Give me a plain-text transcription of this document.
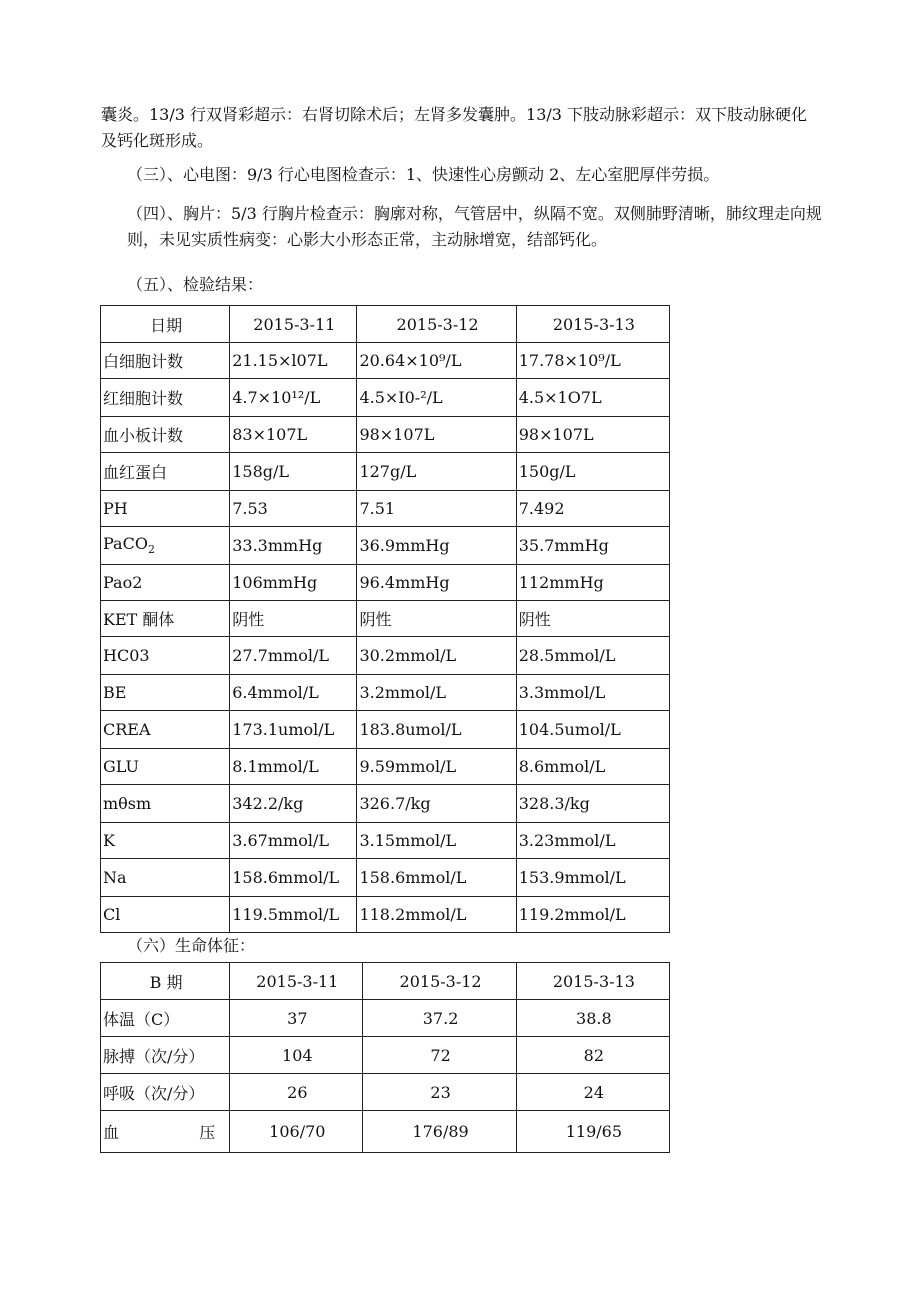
囊炎。13/3 行双肾彩超示：右肾切除术后；左肾多发囊肿。13/3 下肢动脉彩超示：双下肢动脉硬化及钙化斑形成。

（三）、心电图：9/3 行心电图检查示：1、快速性心房颤动 2、左心室肥厚伴劳损。

（四）、胸片：5/3 行胸片检查示：胸廓对称，气管居中，纵隔不宽。双侧肺野清晰，肺纹理走向规则，未见实质性病变：心影大小形态正常，主动脉增宽，结部钙化。

（五）、检验结果：

日期	2015-3-11	2015-3-12	2015-3-13
白细胞计数	21.15×l07L	20.64×10⁹/L	17.78×10⁹/L
红细胞计数	4.7×10¹²/L	4.5×I0-²/L	4.5×1O7L
血小板计数	83×107L	98×107L	98×107L
血红蛋白	158g/L	127g/L	150g/L
PH	7.53	7.51	7.492
PaCO$_2$	33.3mmHg	36.9mmHg	35.7mmHg
Pao2	106mmHg	96.4mmHg	112mmHg
KET 酮体	阴性	阴性	阴性
HC03	27.7mmol/L	30.2mmol/L	28.5mmol/L
BE	6.4mmol/L	3.2mmol/L	3.3mmol/L
CREA	173.1umol/L	183.8umol/L	104.5umol/L
GLU	8.1mmol/L	9.59mmol/L	8.6mmol/L
mθsm	342.2/kg	326.7/kg	328.3/kg
K	3.67mmol/L	3.15mmol/L	3.23mmol/L
Na	158.6mmol/L	158.6mmol/L	153.9mmol/L
Cl	119.5mmol/L	118.2mmol/L	119.2mmol/L

（六）生命体征：

B 期	2015-3-11	2015-3-12	2015-3-13
体温（C）	37	37.2	38.8
脉搏（次/分）	104	72	82
呼吸（次/分）	26	23	24

血 压	106/70	176/89	119/65
